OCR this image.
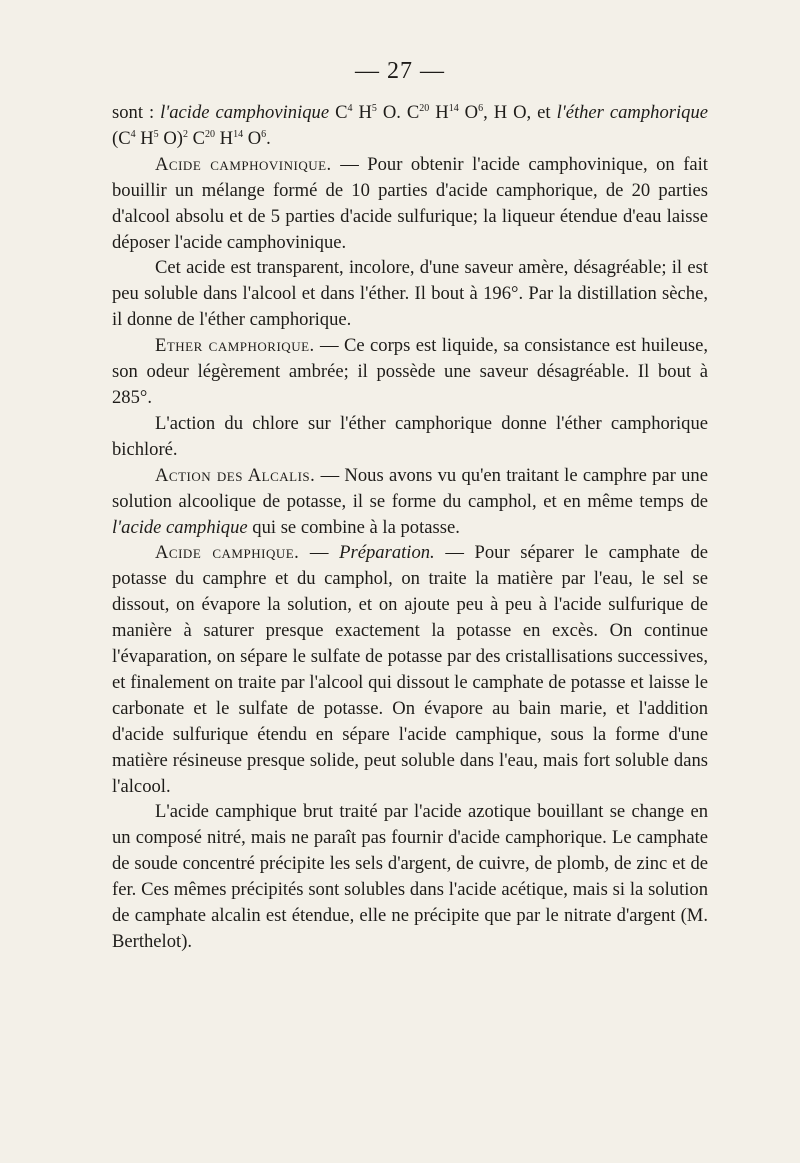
— 27 —

sont : l'acide camphovinique $C^4$ $H^5$ O. $C^{20}$ $H^{14}$ $O^6$, H O, et l'éther camphorique ($C^4$ $H^5$ O)$^2$ $C^{20}$ $H^{14}$ $O^6$.

Acide camphovinique. — Pour obtenir l'acide camphovinique, on fait bouillir un mélange formé de 10 parties d'acide camphorique, de 20 parties d'alcool absolu et de 5 parties d'acide sulfurique; la liqueur étendue d'eau laisse déposer l'acide camphovinique.

Cet acide est transparent, incolore, d'une saveur amère, désagréable; il est peu soluble dans l'alcool et dans l'éther. Il bout à 196°. Par la distillation sèche, il donne de l'éther camphorique.

Ether camphorique. — Ce corps est liquide, sa consistance est huileuse, son odeur légèrement ambrée; il possède une saveur désagréable. Il bout à 285°.

L'action du chlore sur l'éther camphorique donne l'éther camphorique bichloré.

Action des Alcalis. — Nous avons vu qu'en traitant le camphre par une solution alcoolique de potasse, il se forme du camphol, et en même temps de l'acide camphique qui se combine à la potasse.

Acide camphique. — Préparation. — Pour séparer le camphate de potasse du camphre et du camphol, on traite la matière par l'eau, le sel se dissout, on évapore la solution, et on ajoute peu à peu à l'acide sulfurique de manière à saturer presque exactement la potasse en excès. On continue l'évaparation, on sépare le sulfate de potasse par des cristallisations successives, et finalement on traite par l'alcool qui dissout le camphate de potasse et laisse le carbonate et le sulfate de potasse. On évapore au bain marie, et l'addition d'acide sulfurique étendu en sépare l'acide camphique, sous la forme d'une matière résineuse presque solide, peut soluble dans l'eau, mais fort soluble dans l'alcool.

L'acide camphique brut traité par l'acide azotique bouillant se change en un composé nitré, mais ne paraît pas fournir d'acide camphorique. Le camphate de soude concentré précipite les sels d'argent, de cuivre, de plomb, de zinc et de fer. Ces mêmes précipités sont solubles dans l'acide acétique, mais si la solution de camphate alcalin est étendue, elle ne précipite que par le nitrate d'argent (M. Berthelot).
